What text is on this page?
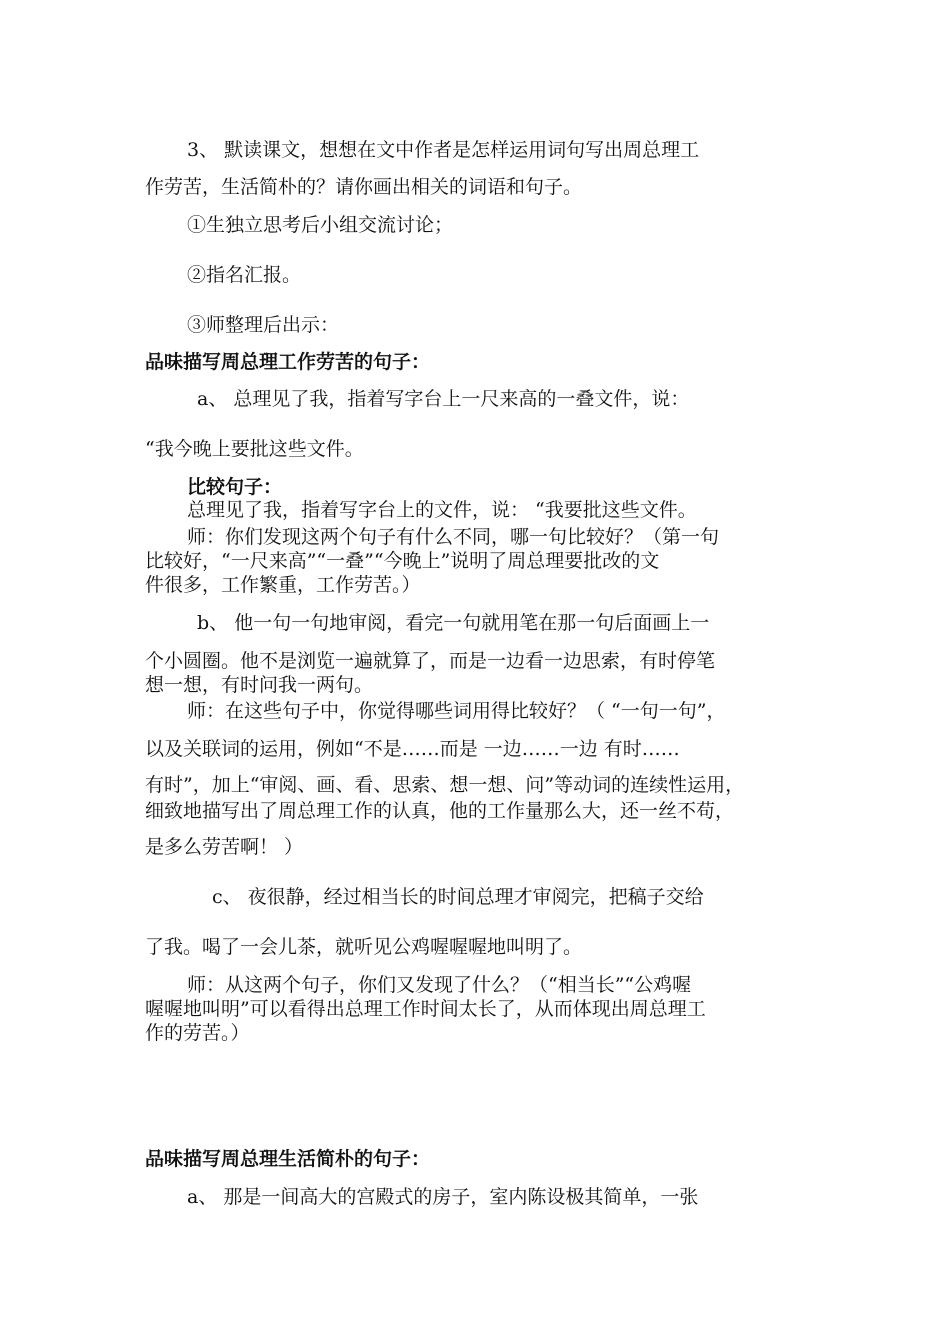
3、 默读课文，想想在文中作者是怎样运用词句写出周总理工
作劳苦，生活简朴的？请你画出相关的词语和句子。
①生独立思考后小组交流讨论；
②指名汇报。
③师整理后出示：
品味描写周总理工作劳苦的句子：
a、 总理见了我，指着写字台上一尺来高的一叠文件，说：
“我今晚上要批这些文件。
比较句子：
总理见了我，指着写字台上的文件，说： “我要批这些文件。
师：你们发现这两个句子有什么不同，哪一句比较好？（第一句
比较好，“一尺来高”“一叠”“今晚上”说明了周总理要批改的文
件很多，工作繁重，工作劳苦。）
b、 他一句一句地审阅，看完一句就用笔在那一句后面画上一
个小圆圈。他不是浏览一遍就算了，而是一边看一边思索，有时停笔
想一想，有时问我一两句。
师：在这些句子中，你觉得哪些词用得比较好？（ “一句一句”，
以及关联词的运用，例如“不是……而是 一边……一边 有时……
有时”，加上“审阅、画、看、思索、想一想、问”等动词的连续性运用，
细致地描写出了周总理工作的认真，他的工作量那么大，还一丝不苟，
是多么劳苦啊！ ）
c、 夜很静，经过相当长的时间总理才审阅完，把稿子交给
了我。喝了一会儿茶，就听见公鸡喔喔喔地叫明了。
师：从这两个句子，你们又发现了什么？（“相当长”“公鸡喔
喔喔地叫明”可以看得出总理工作时间太长了，从而体现出周总理工
作的劳苦。）
品味描写周总理生活简朴的句子：
a、 那是一间高大的宫殿式的房子，室内陈设极其简单，一张
